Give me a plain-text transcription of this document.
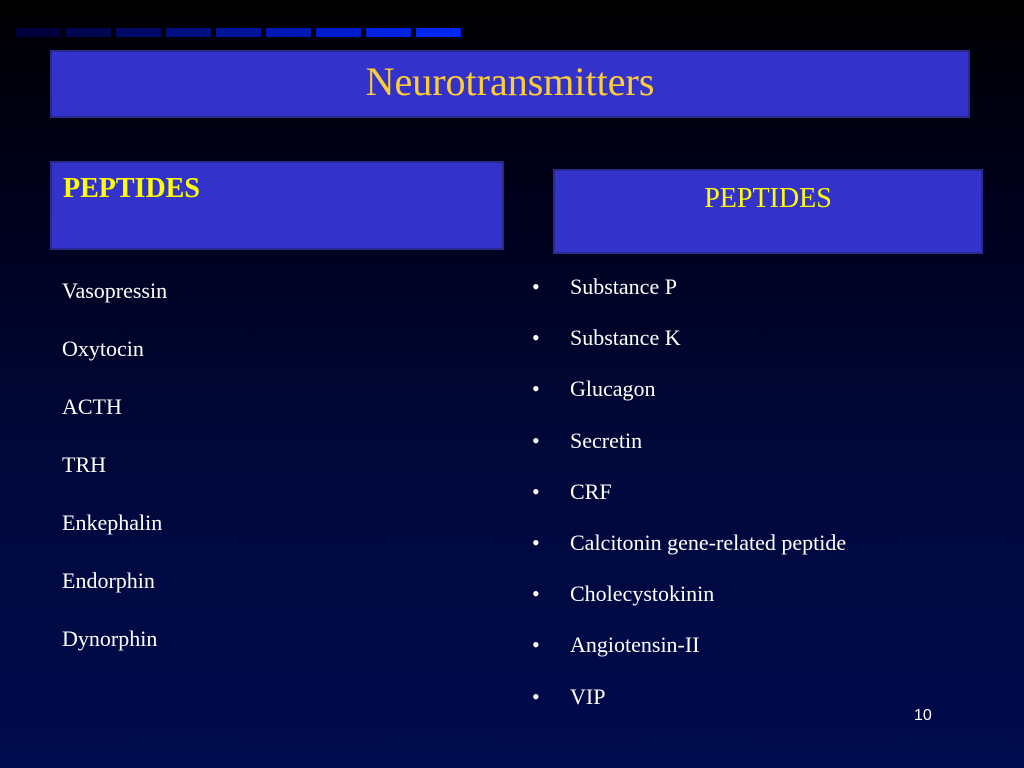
Neurotransmitters
PEPTIDES	PEPTIDES
Vasopressin
Oxytocin
ACTH
TRH
Enkephalin
Endorphin
Dynorphin
•	Substance P
•	Substance K
•	Glucagon
•	Secretin
•	CRF
•	Calcitonin gene-related peptide
•	Cholecystokinin
•	Angiotensin-II
•	VIP
10
